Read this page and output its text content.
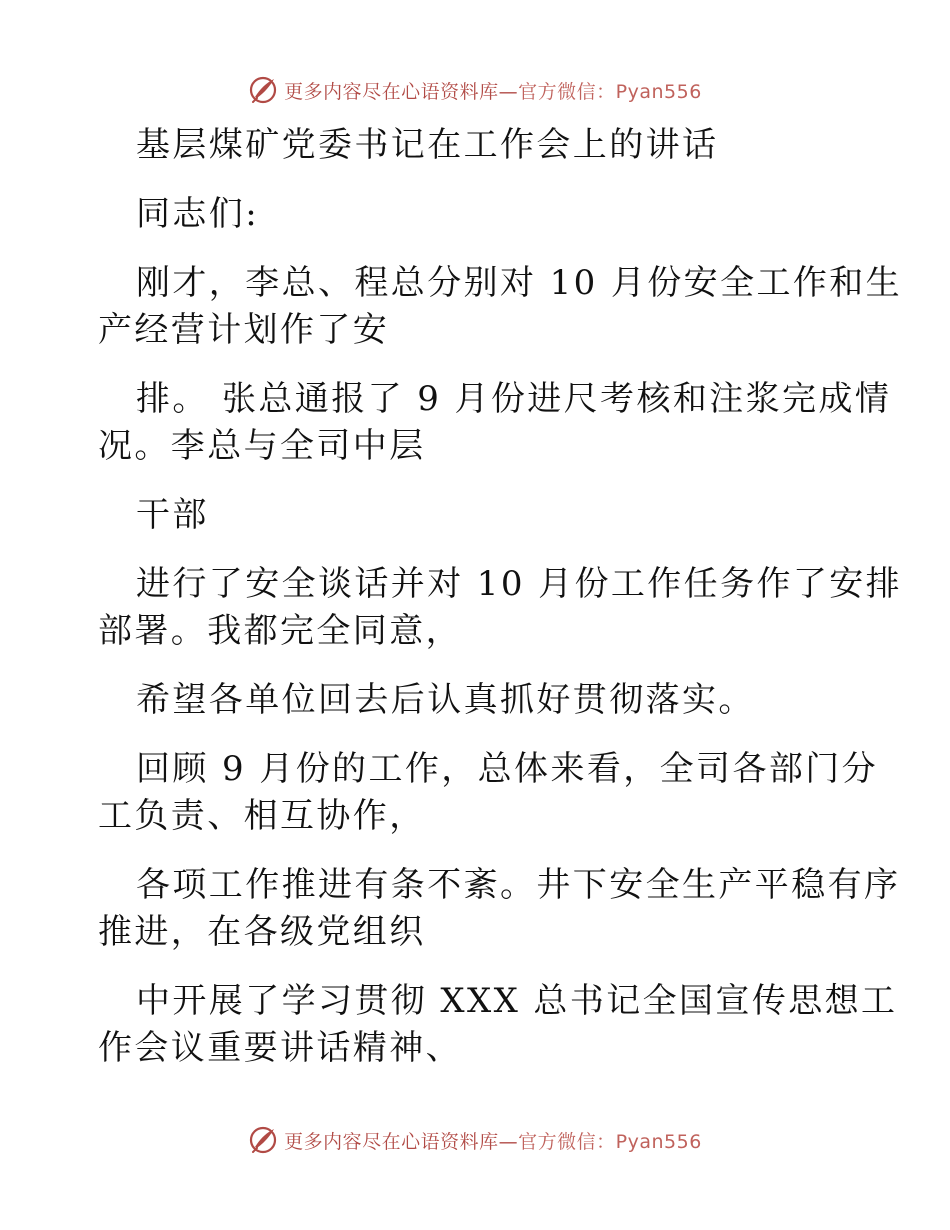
更多内容尽在心语资料库—官方微信：Pyan556

基层煤矿党委书记在工作会上的讲话

同志们:

刚才，李总、程总分别对 10 月份安全工作和生

产经营计划作了安

排。 张总通报了 9 月份进尺考核和注浆完成情

况。李总与全司中层

干部

进行了安全谈话并对 10 月份工作任务作了安排

部署。我都完全同意，

希望各单位回去后认真抓好贯彻落实。

回顾 9 月份的工作，总体来看，全司各部门分

工负责、相互协作，

各项工作推进有条不紊。井下安全生产平稳有序

推进，在各级党组织

中开展了学习贯彻 XXX 总书记全国宣传思想工

作会议重要讲话精神、

更多内容尽在心语资料库—官方微信：Pyan556
